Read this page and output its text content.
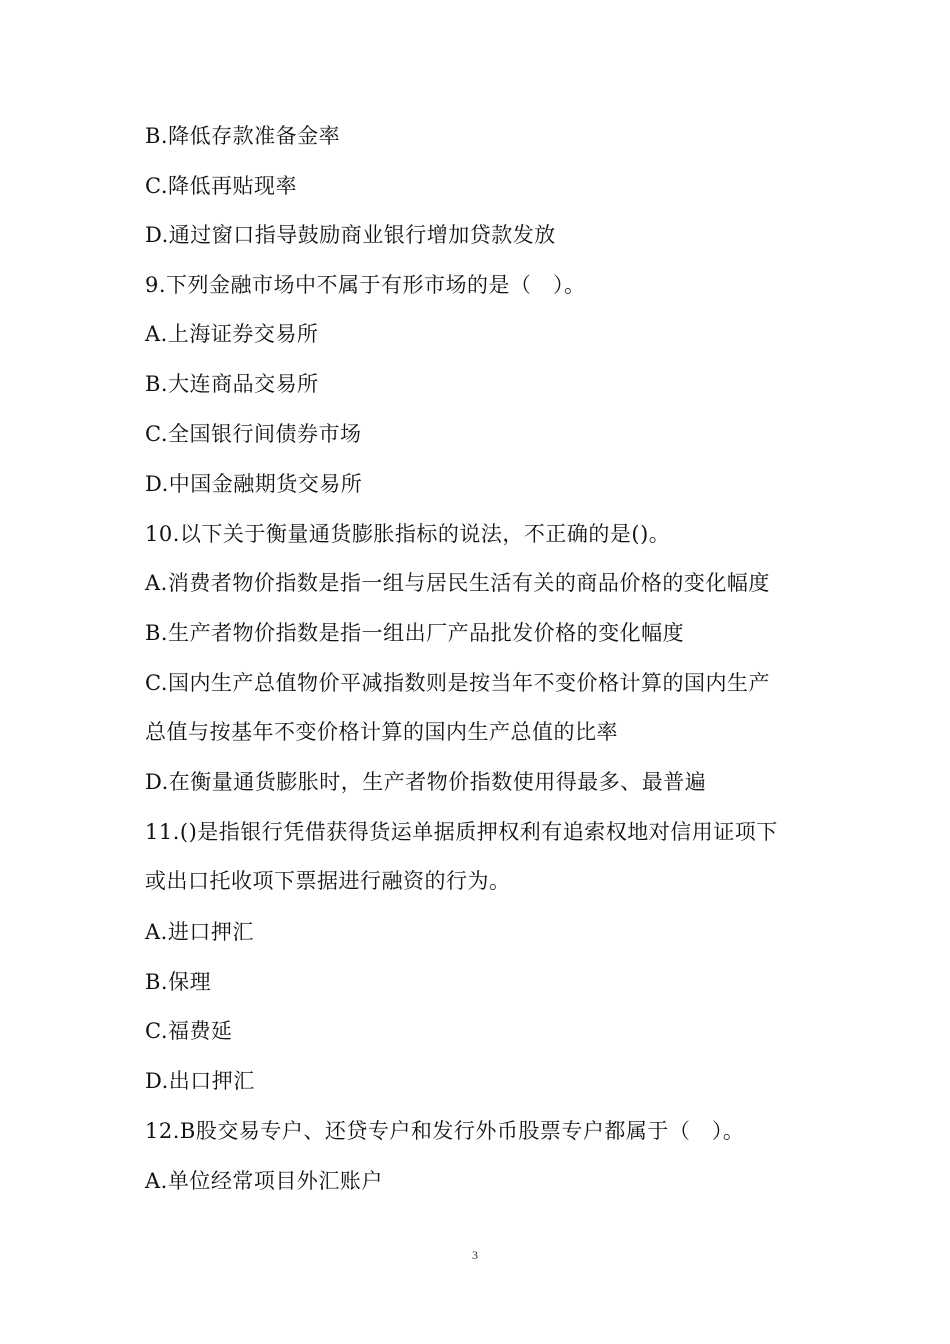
B.降低存款准备金率
C.降低再贴现率
D.通过窗口指导鼓励商业银行增加贷款发放
9.下列金融市场中不属于有形市场的是（　）。
A.上海证券交易所
B.大连商品交易所
C.全国银行间债券市场
D.中国金融期货交易所
10.以下关于衡量通货膨胀指标的说法，不正确的是()。
A.消费者物价指数是指一组与居民生活有关的商品价格的变化幅度
B.生产者物价指数是指一组出厂产品批发价格的变化幅度
C.国内生产总值物价平减指数则是按当年不变价格计算的国内生产
总值与按基年不变价格计算的国内生产总值的比率
D.在衡量通货膨胀时，生产者物价指数使用得最多、最普遍
11.()是指银行凭借获得货运单据质押权利有追索权地对信用证项下
或出口托收项下票据进行融资的行为。
A.进口押汇
B.保理
C.福费延
D.出口押汇
12.B股交易专户、还贷专户和发行外币股票专户都属于（　）。
A.单位经常项目外汇账户
3
